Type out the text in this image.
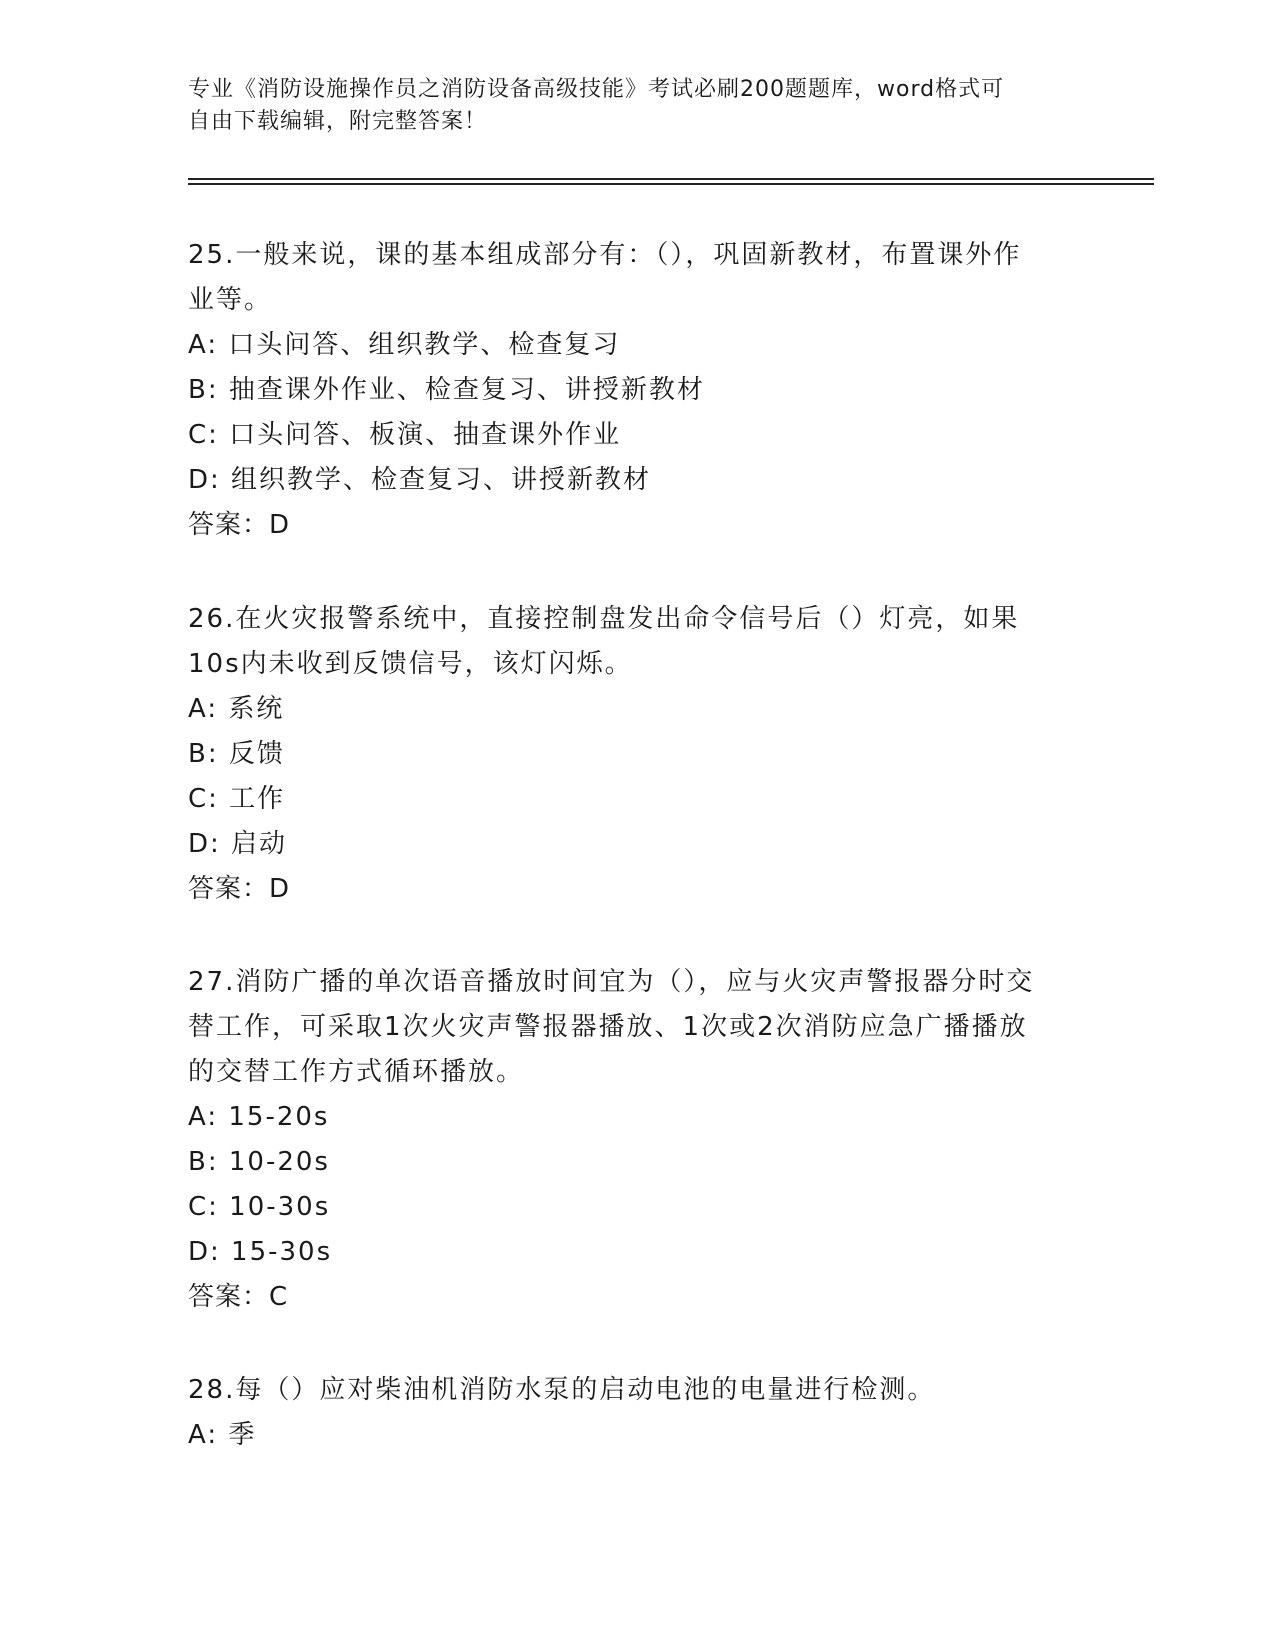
专业《消防设施操作员之消防设备高级技能》考试必刷200题题库，word格式可
自由下载编辑，附完整答案！

25.一般来说，课的基本组成部分有：（），巩固新教材，布置课外作

业等。

A: 口头问答、组织教学、检查复习

B: 抽查课外作业、检查复习、讲授新教材

C: 口头问答、板演、抽查课外作业

D: 组织教学、检查复习、讲授新教材

答案：D

26.在火灾报警系统中，直接控制盘发出命令信号后（）灯亮，如果

10s内未收到反馈信号，该灯闪烁。

A: 系统

B: 反馈

C: 工作

D: 启动

答案：D

27.消防广播的单次语音播放时间宜为（），应与火灾声警报器分时交

替工作，可采取1次火灾声警报器播放、1次或2次消防应急广播播放

的交替工作方式循环播放。

A: 15-20s

B: 10-20s

C: 10-30s

D: 15-30s

答案：C

28.每（）应对柴油机消防水泵的启动电池的电量进行检测。

A: 季
